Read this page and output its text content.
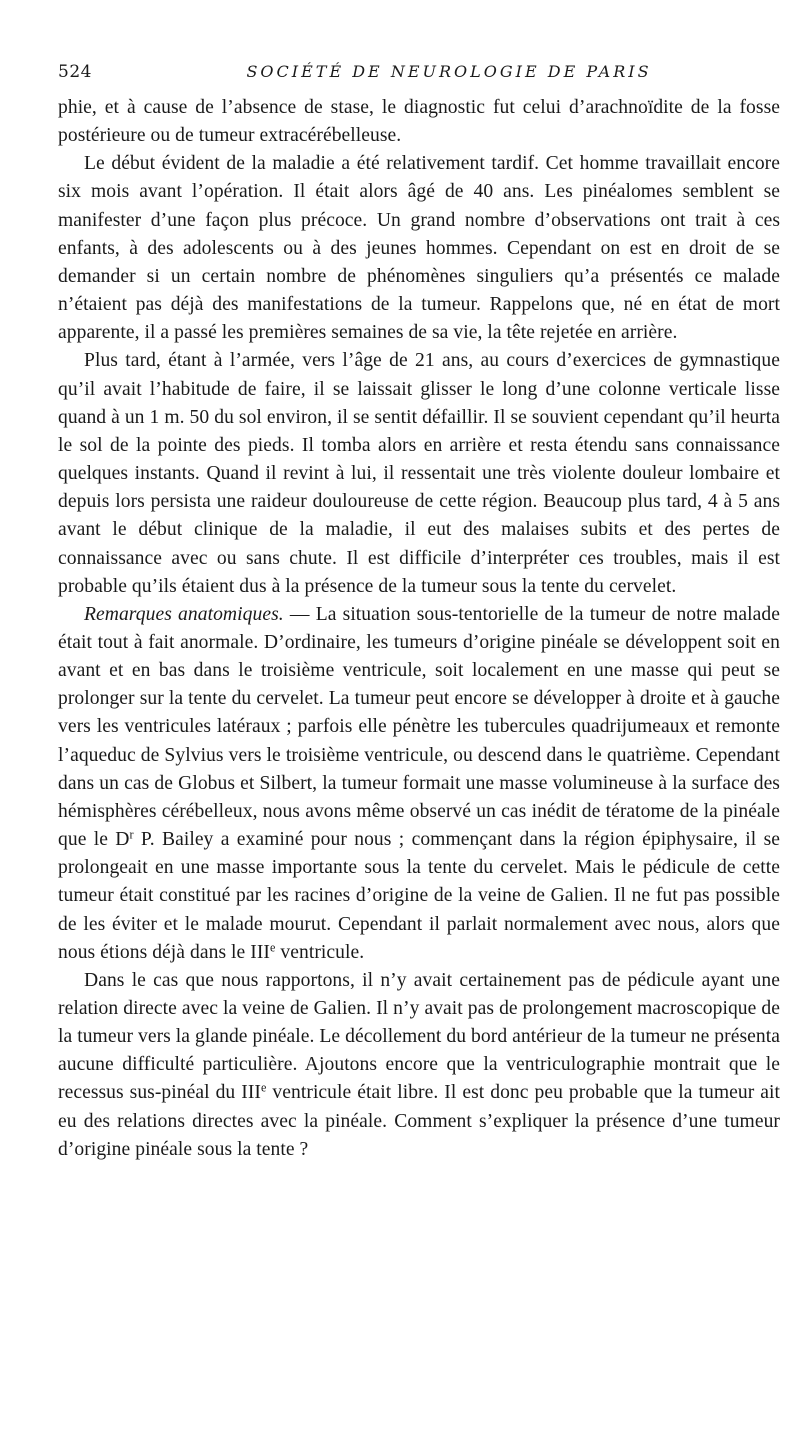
524	SOCIÉTÉ DE NEUROLOGIE DE PARIS

phie, et à cause de l’absence de stase, le diagnostic fut celui d’arachnoïdite de la fosse postérieure ou de tumeur extracérébelleuse.

Le début évident de la maladie a été relativement tardif. Cet homme travaillait encore six mois avant l’opération. Il était alors âgé de 40 ans. Les pinéalomes semblent se manifester d’une façon plus précoce. Un grand nombre d’observations ont trait à ces enfants, à des adolescents ou à des jeunes hommes. Cependant on est en droit de se demander si un certain nombre de phénomènes singuliers qu’a présentés ce malade n’étaient pas déjà des manifestations de la tumeur. Rappelons que, né en état de mort apparente, il a passé les premières semaines de sa vie, la tête rejetée en arrière.

Plus tard, étant à l’armée, vers l’âge de 21 ans, au cours d’exercices de gymnastique qu’il avait l’habitude de faire, il se laissait glisser le long d’une colonne verticale lisse quand à un 1 m. 50 du sol environ, il se sentit défaillir. Il se souvient cependant qu’il heurta le sol de la pointe des pieds. Il tomba alors en arrière et resta étendu sans connaissance quelques instants. Quand il revint à lui, il ressentait une très violente douleur lombaire et depuis lors persista une raideur douloureuse de cette région. Beaucoup plus tard, 4 à 5 ans avant le début clinique de la maladie, il eut des malaises subits et des pertes de connaissance avec ou sans chute. Il est difficile d’interpréter ces troubles, mais il est probable qu’ils étaient dus à la présence de la tumeur sous la tente du cervelet.

Remarques anatomiques. — La situation sous-tentorielle de la tumeur de notre malade était tout à fait anormale. D’ordinaire, les tumeurs d’origine pinéale se développent soit en avant et en bas dans le troisième ventricule, soit localement en une masse qui peut se prolonger sur la tente du cervelet. La tumeur peut encore se développer à droite et à gauche vers les ventricules latéraux ; parfois elle pénètre les tubercules quadrijumeaux et remonte l’aqueduc de Sylvius vers le troisième ventricule, ou descend dans le quatrième. Cependant dans un cas de Globus et Silbert, la tumeur formait une masse volumineuse à la surface des hémisphères cérébelleux, nous avons même observé un cas inédit de tératome de la pinéale que le $D^r$ P. Bailey a examiné pour nous ; commençant dans la région épiphysaire, il se prolongeait en une masse importante sous la tente du cervelet. Mais le pédicule de cette tumeur était constitué par les racines d’origine de la veine de Galien. Il ne fut pas possible de les éviter et le malade mourut. Cependant il parlait normalement avec nous, alors que nous étions déjà dans le IIIe ventricule.

Dans le cas que nous rapportons, il n’y avait certainement pas de pédicule ayant une relation directe avec la veine de Galien. Il n’y avait pas de prolongement macroscopique de la tumeur vers la glande pinéale. Le décollement du bord antérieur de la tumeur ne présenta aucune difficulté particulière. Ajoutons encore que la ventriculographie montrait que le recessus sus-pinéal du IIIe ventricule était libre. Il est donc peu probable que la tumeur ait eu des relations directes avec la pinéale. Comment s’expliquer la présence d’une tumeur d’origine pinéale sous la tente ?
